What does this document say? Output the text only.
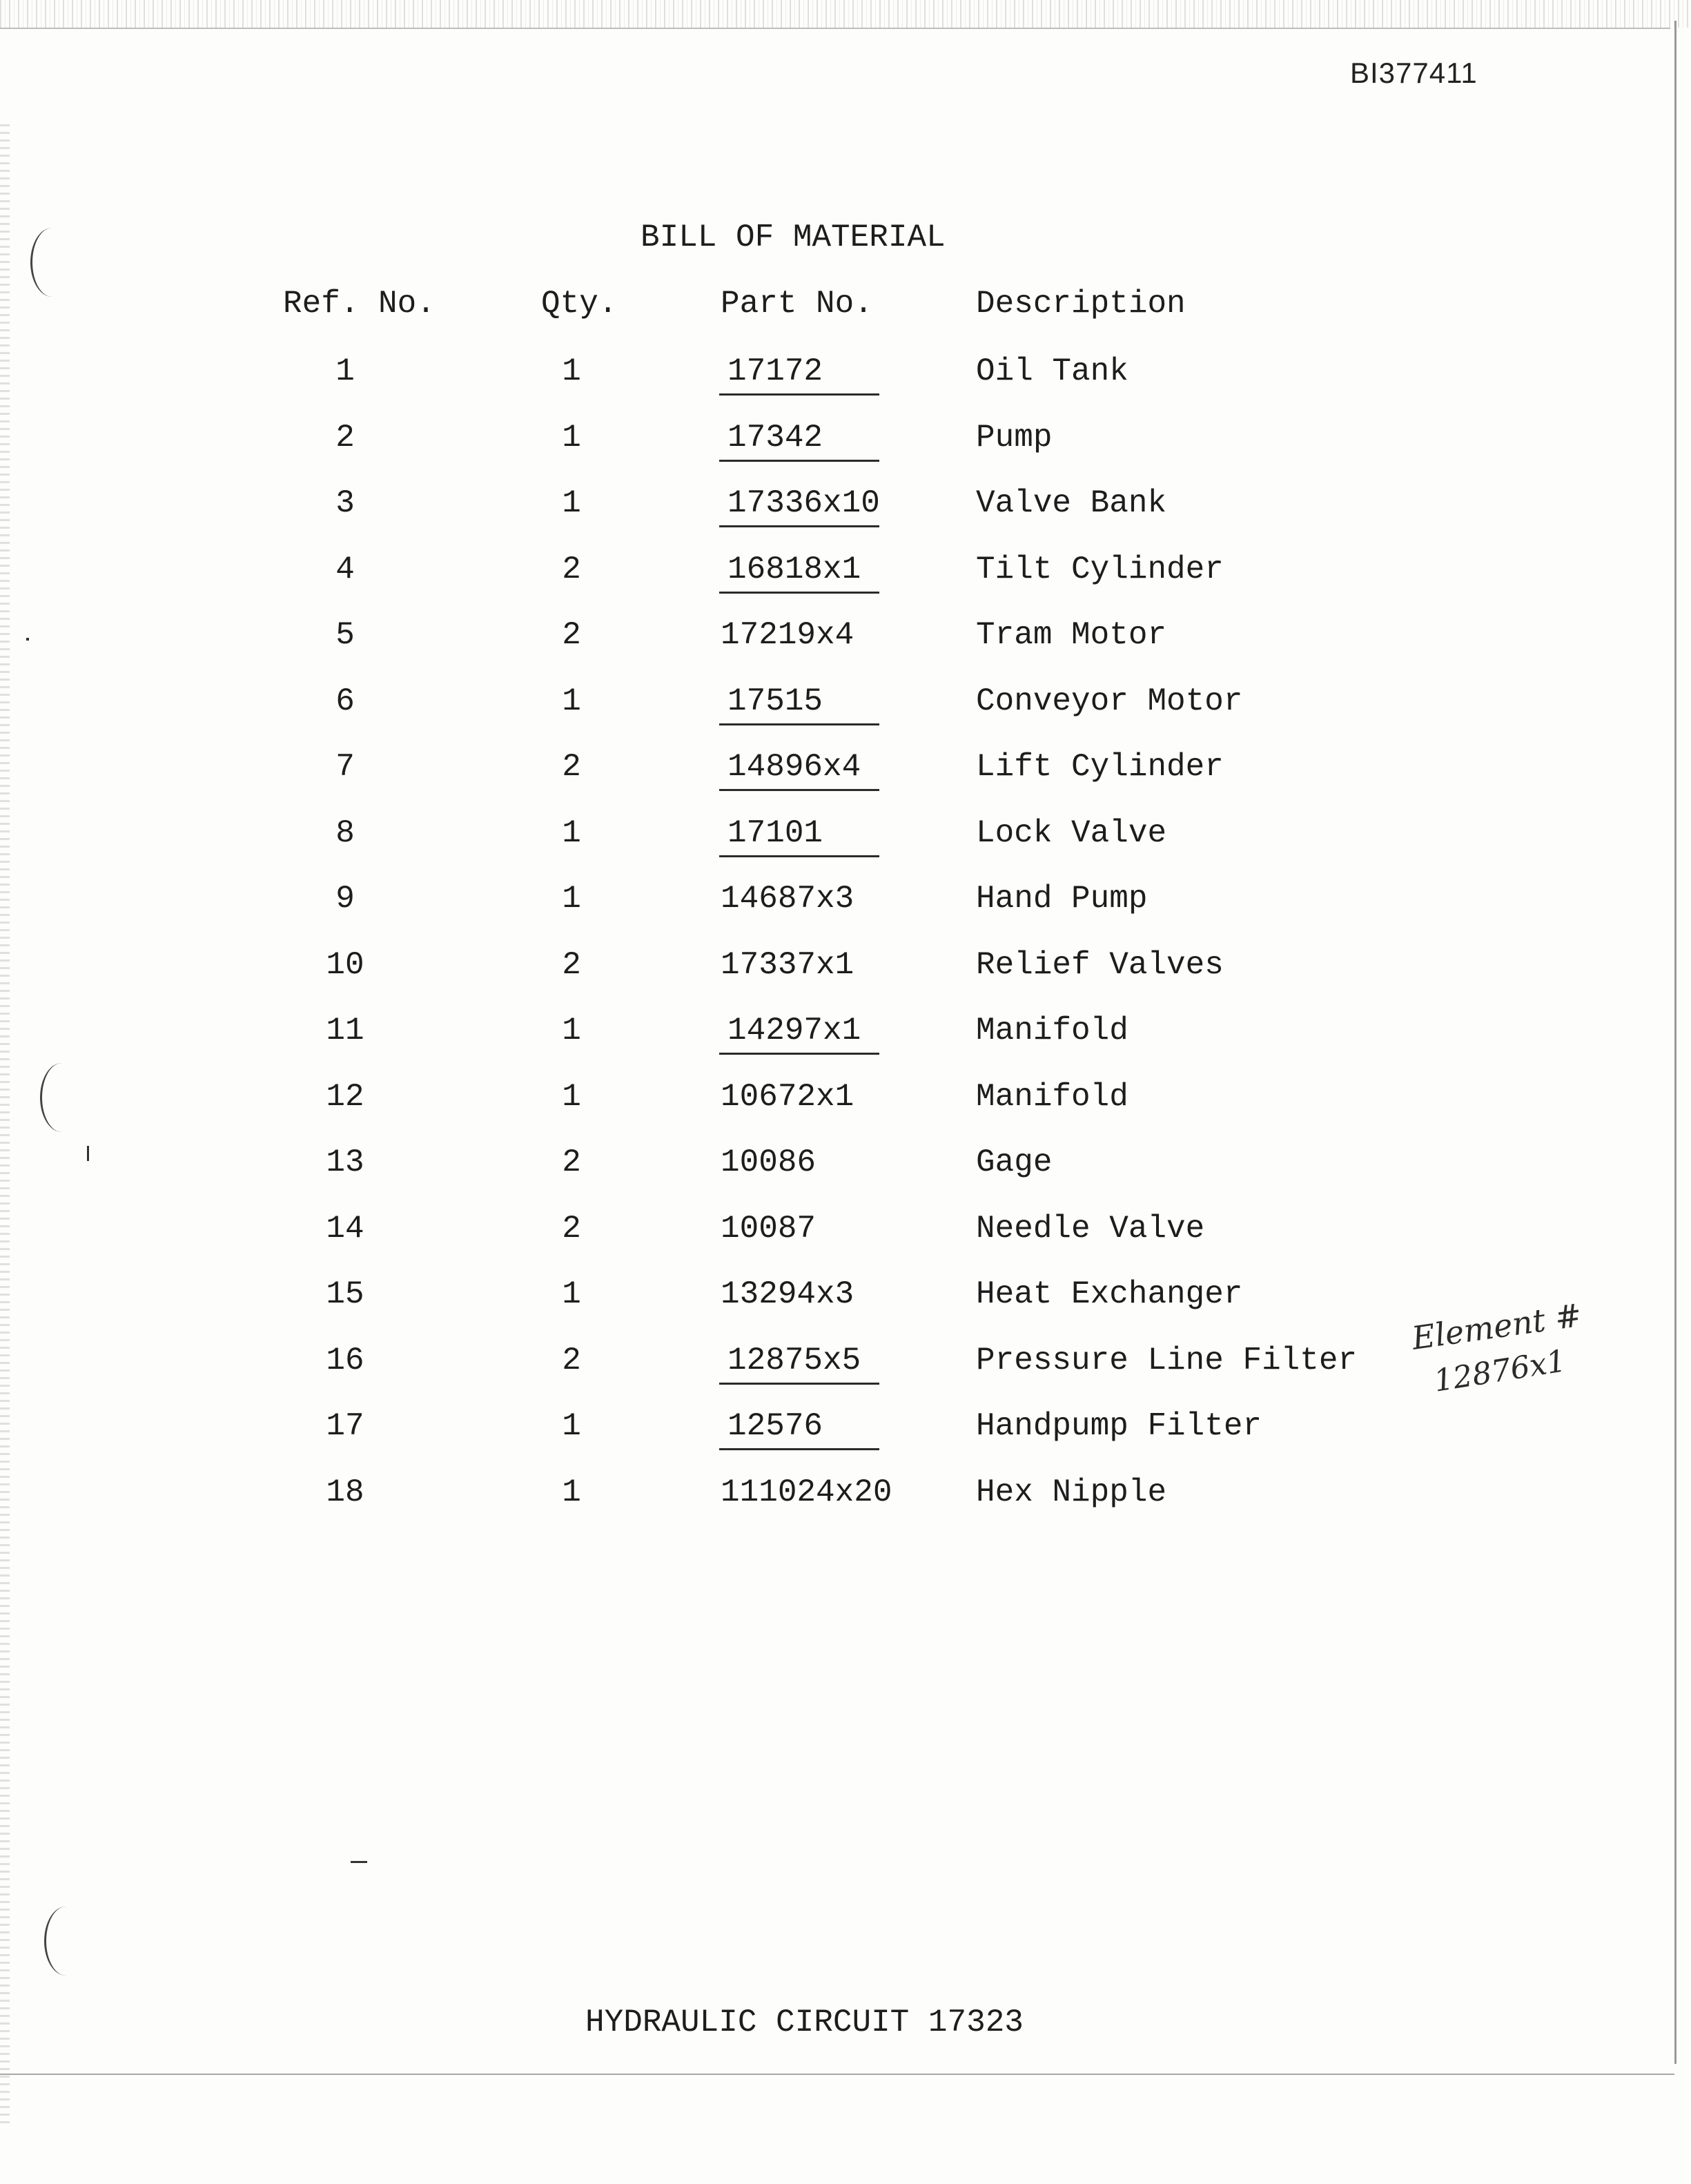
BI377411
BILL OF MATERIAL
Ref. No.	Qty.	Part No.	Description
1	1	17172	Oil Tank
2	1	17342	Pump
3	1	17336x10	Valve Bank
4	2	16818x1	Tilt Cylinder
5	2	17219x4	Tram Motor
6	1	17515	Conveyor Motor
7	2	14896x4	Lift Cylinder
8	1	17101	Lock Valve
9	1	14687x3	Hand Pump
10	2	17337x1	Relief Valves
11	1	14297x1	Manifold
12	1	10672x1	Manifold
13	2	10086	Gage
14	2	10087	Needle Valve
15	1	13294x3	Heat Exchanger
16	2	12875x5	Pressure Line Filter
17	1	12576	Handpump Filter
18	1	111024x20	Hex Nipple
Element #
12876x1
HYDRAULIC CIRCUIT 17323
